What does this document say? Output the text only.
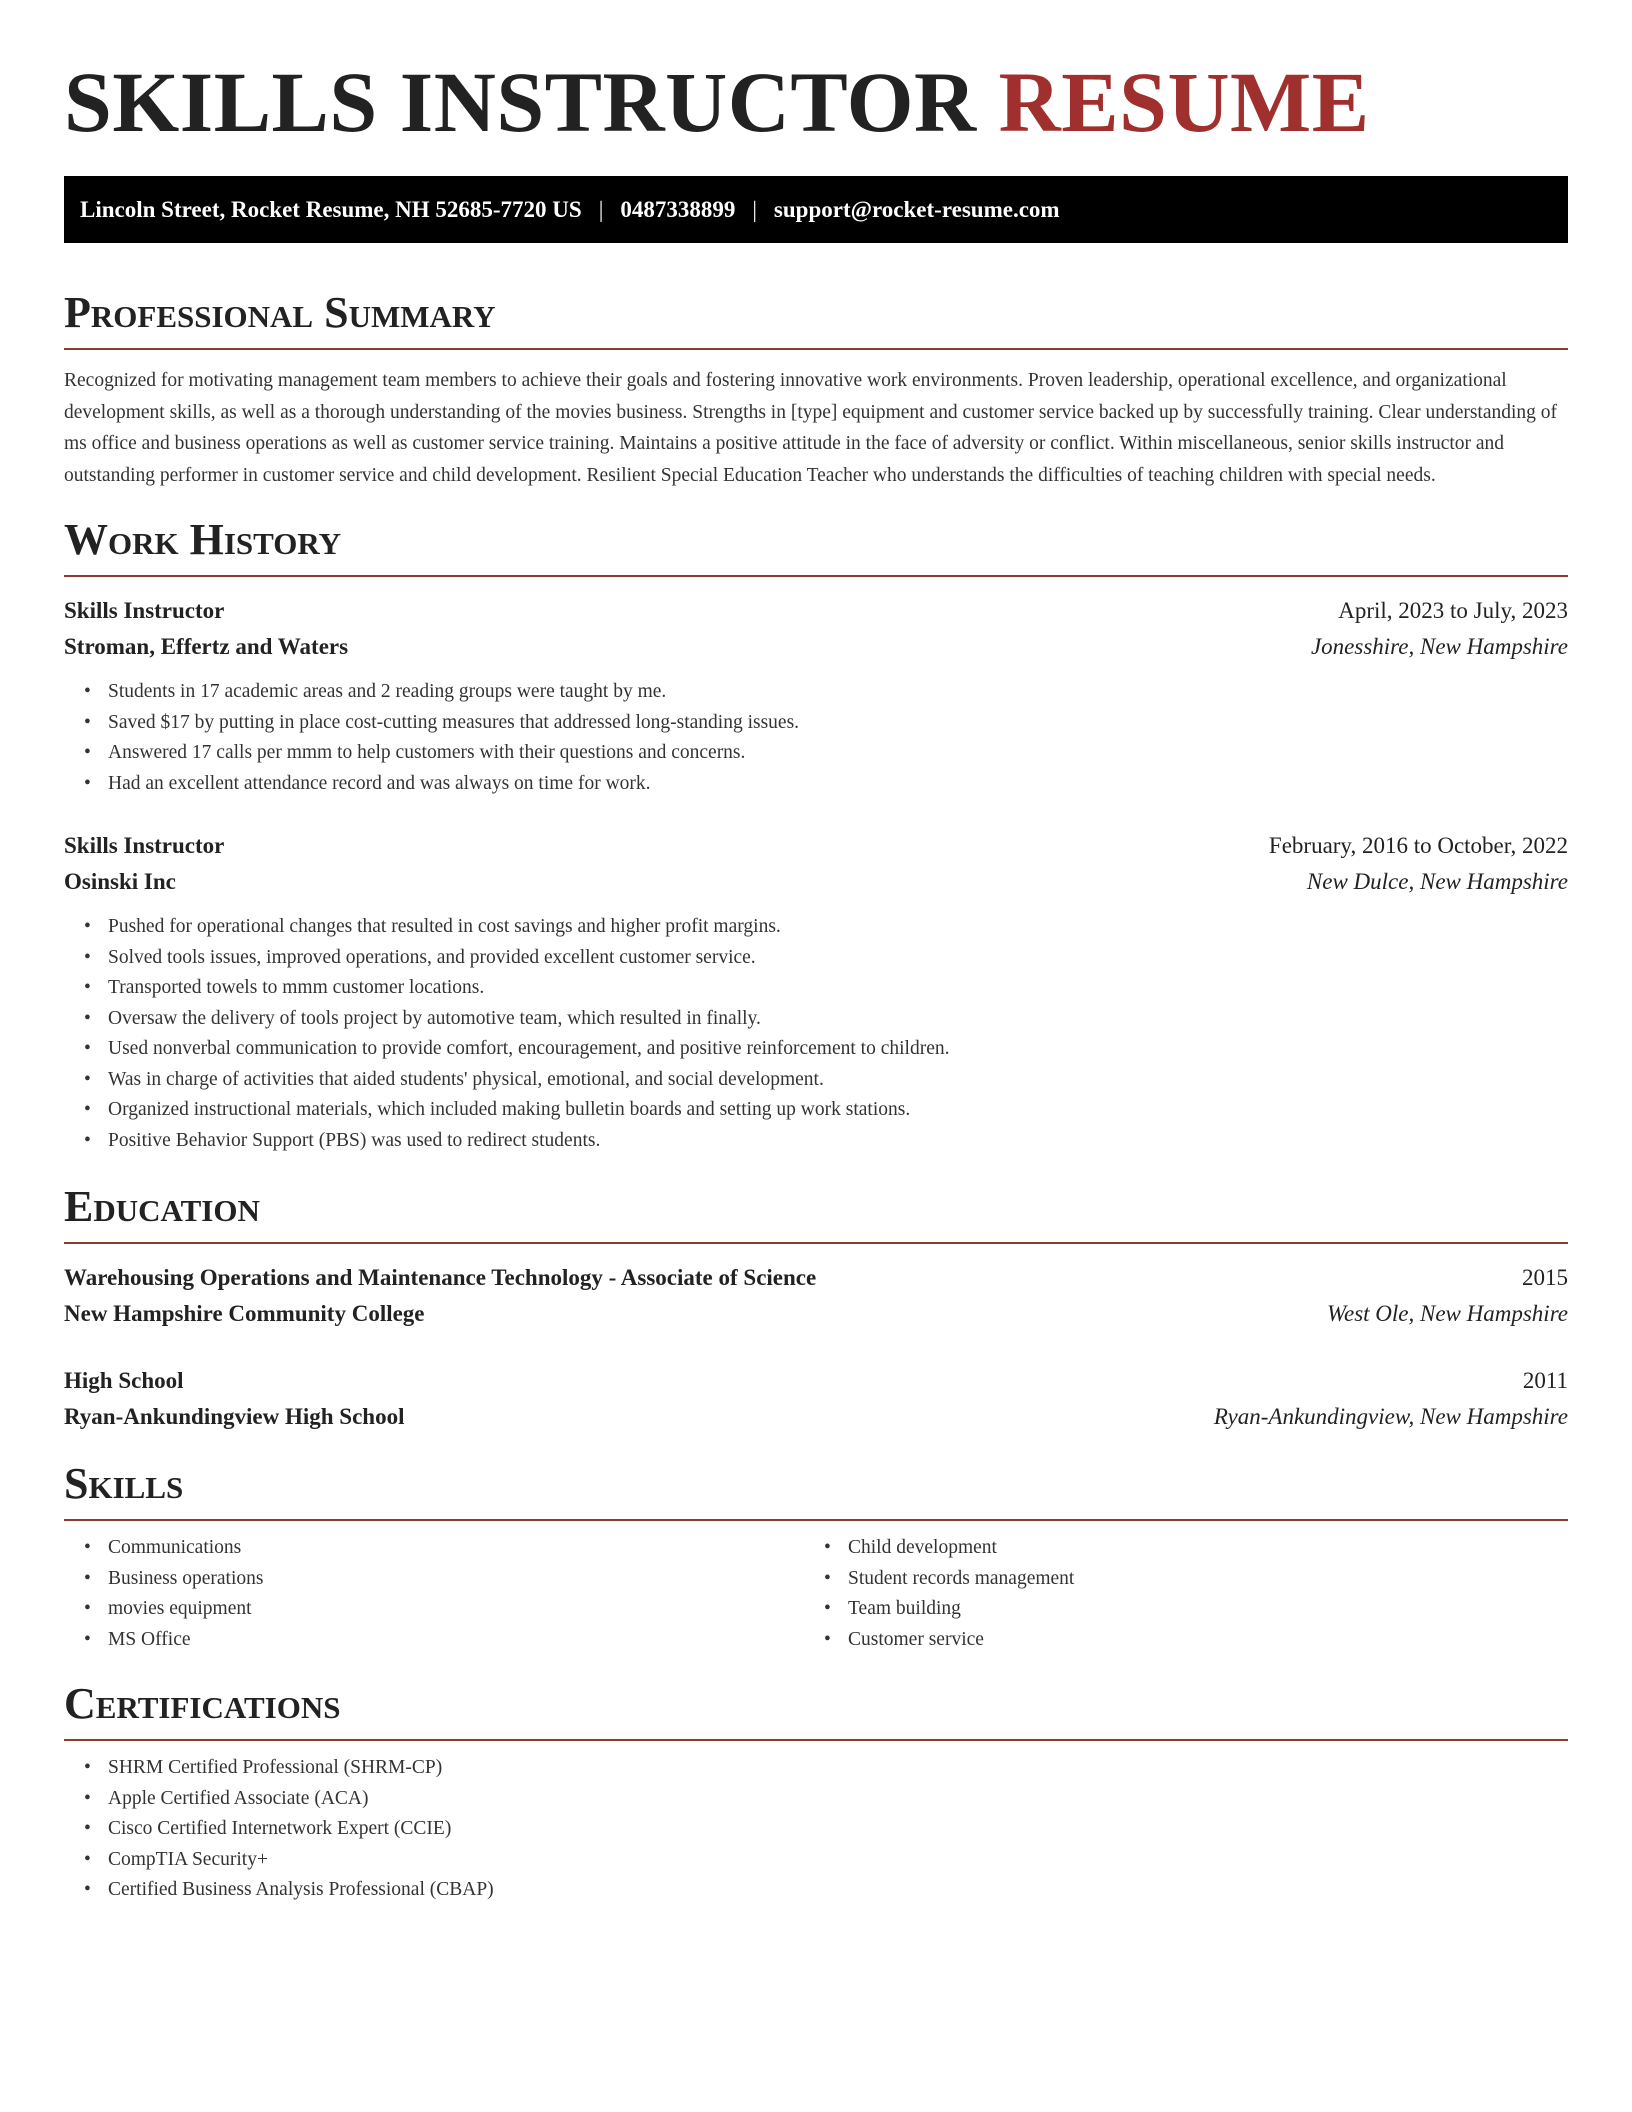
SKILLS INSTRUCTOR RESUME
Lincoln Street, Rocket Resume, NH 52685-7720 US | 0487338899 | support@rocket-resume.com
Professional Summary

Recognized for motivating management team members to achieve their goals and fostering innovative work environments. Proven leadership, operational excellence, and organizational development skills, as well as a thorough understanding of the movies business. Strengths in [type] equipment and customer service backed up by successfully training. Clear understanding of ms office and business operations as well as customer service training. Maintains a positive attitude in the face of adversity or conflict. Within miscellaneous, senior skills instructor and outstanding performer in customer service and child development. Resilient Special Education Teacher who understands the difficulties of teaching children with special needs.

Work History
Skills Instructor	April, 2023 to July, 2023
Stroman, Effertz and Waters	Jonesshire, New Hampshire
• Students in 17 academic areas and 2 reading groups were taught by me.
• Saved $17 by putting in place cost-cutting measures that addressed long-standing issues.
• Answered 17 calls per mmm to help customers with their questions and concerns.
• Had an excellent attendance record and was always on time for work.
Skills Instructor	February, 2016 to October, 2022
Osinski Inc	New Dulce, New Hampshire
• Pushed for operational changes that resulted in cost savings and higher profit margins.
• Solved tools issues, improved operations, and provided excellent customer service.
• Transported towels to mmm customer locations.
• Oversaw the delivery of tools project by automotive team, which resulted in finally.
• Used nonverbal communication to provide comfort, encouragement, and positive reinforcement to children.
• Was in charge of activities that aided students' physical, emotional, and social development.
• Organized instructional materials, which included making bulletin boards and setting up work stations.
• Positive Behavior Support (PBS) was used to redirect students.
Education
Warehousing Operations and Maintenance Technology - Associate of Science	2015
New Hampshire Community College	West Ole, New Hampshire
High School	2011
Ryan-Ankundingview High School	Ryan-Ankundingview, New Hampshire
Skills
• Communications
• Business operations
• movies equipment
• MS Office
• Child development
• Student records management
• Team building
• Customer service
Certifications
• SHRM Certified Professional (SHRM-CP)
• Apple Certified Associate (ACA)
• Cisco Certified Internetwork Expert (CCIE)
• CompTIA Security+
• Certified Business Analysis Professional (CBAP)
